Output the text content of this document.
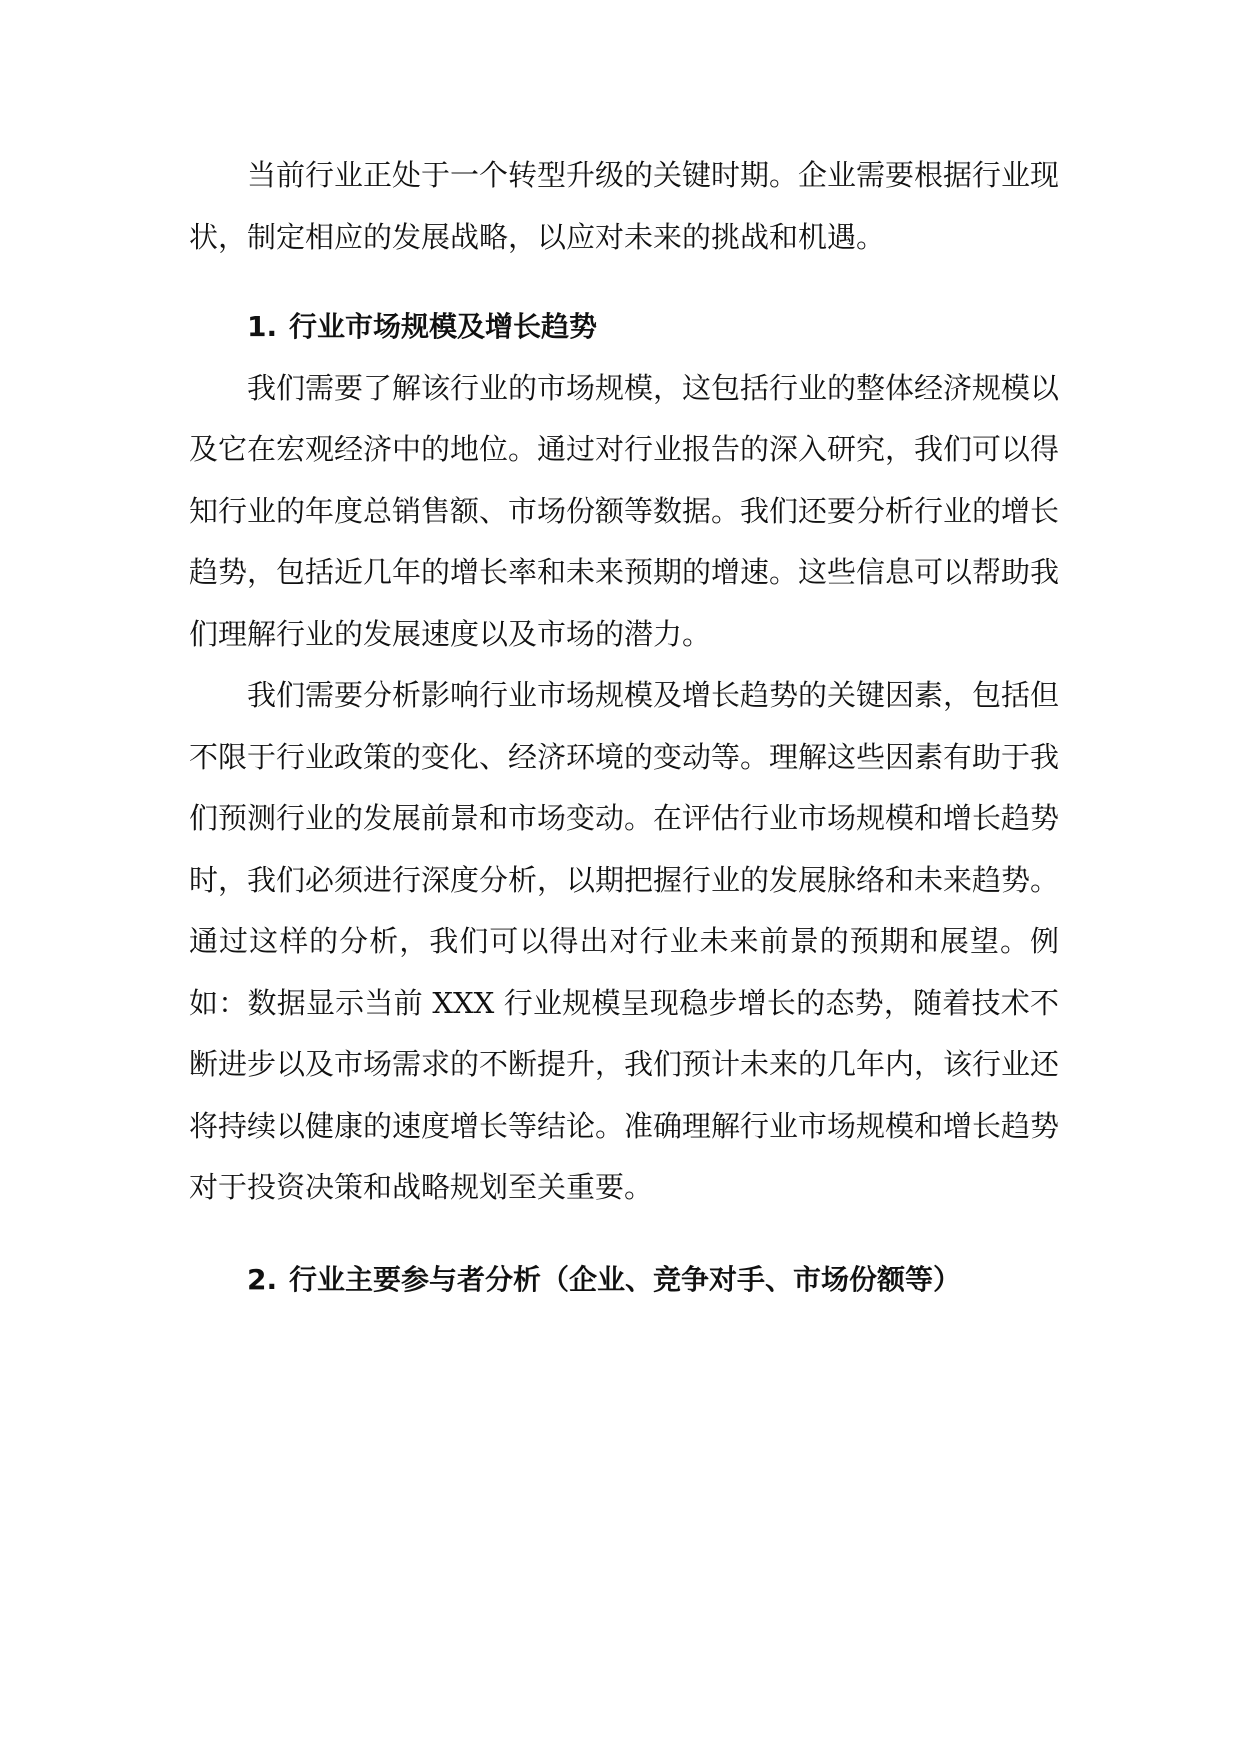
当前行业正处于一个转型升级的关键时期。企业需要根据行业现状，制定相应的发展战略，以应对未来的挑战和机遇。

1. 行业市场规模及增长趋势

我们需要了解该行业的市场规模，这包括行业的整体经济规模以及它在宏观经济中的地位。通过对行业报告的深入研究，我们可以得知行业的年度总销售额、市场份额等数据。我们还要分析行业的增长趋势，包括近几年的增长率和未来预期的增速。这些信息可以帮助我们理解行业的发展速度以及市场的潜力。

我们需要分析影响行业市场规模及增长趋势的关键因素，包括但不限于行业政策的变化、经济环境的变动等。理解这些因素有助于我们预测行业的发展前景和市场变动。在评估行业市场规模和增长趋势时，我们必须进行深度分析，以期把握行业的发展脉络和未来趋势。通过这样的分析，我们可以得出对行业未来前景的预期和展望。例如：数据显示当前 XXX 行业规模呈现稳步增长的态势，随着技术不断进步以及市场需求的不断提升，我们预计未来的几年内，该行业还将持续以健康的速度增长等结论。准确理解行业市场规模和增长趋势对于投资决策和战略规划至关重要。

2. 行业主要参与者分析（企业、竞争对手、市场份额等）
